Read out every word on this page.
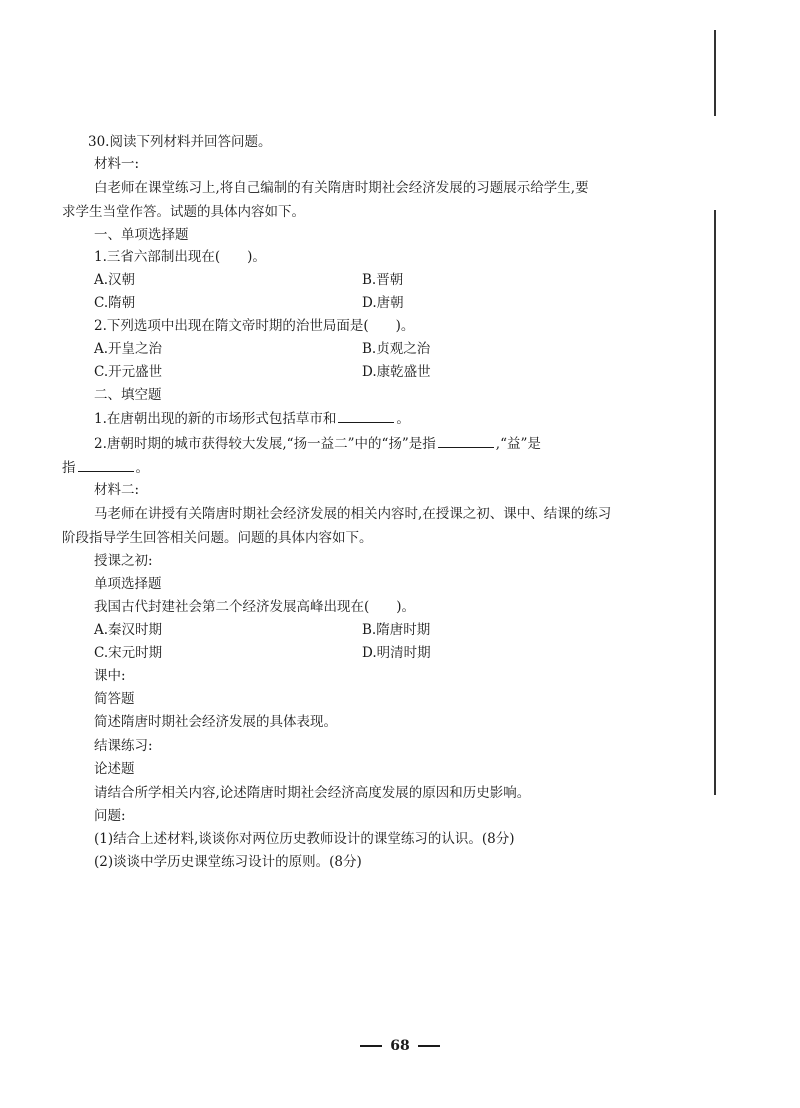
30.阅读下列材料并回答问题。
材料一:
白老师在课堂练习上,将自己编制的有关隋唐时期社会经济发展的习题展示给学生,要
求学生当堂作答。试题的具体内容如下。
一、单项选择题
1.三省六部制出现在(　　)。
A.汉朝	B.晋朝
C.隋朝	D.唐朝
2.下列选项中出现在隋文帝时期的治世局面是(　　)。
A.开皇之治	B.贞观之治
C.开元盛世	D.康乾盛世
二、填空题
1.在唐朝出现的新的市场形式包括草市和	。
2.唐朝时期的城市获得较大发展,“扬一益二”中的“扬”是指	,“益”是
指	。
材料二:
马老师在讲授有关隋唐时期社会经济发展的相关内容时,在授课之初、课中、结课的练习
阶段指导学生回答相关问题。问题的具体内容如下。
授课之初:
单项选择题
我国古代封建社会第二个经济发展高峰出现在(　　)。
A.秦汉时期	B.隋唐时期
C.宋元时期	D.明清时期
课中:
简答题
简述隋唐时期社会经济发展的具体表现。
结课练习:
论述题
请结合所学相关内容,论述隋唐时期社会经济高度发展的原因和历史影响。
问题:
(1)结合上述材料,谈谈你对两位历史教师设计的课堂练习的认识。(8分)
(2)谈谈中学历史课堂练习设计的原则。(8分)
68
